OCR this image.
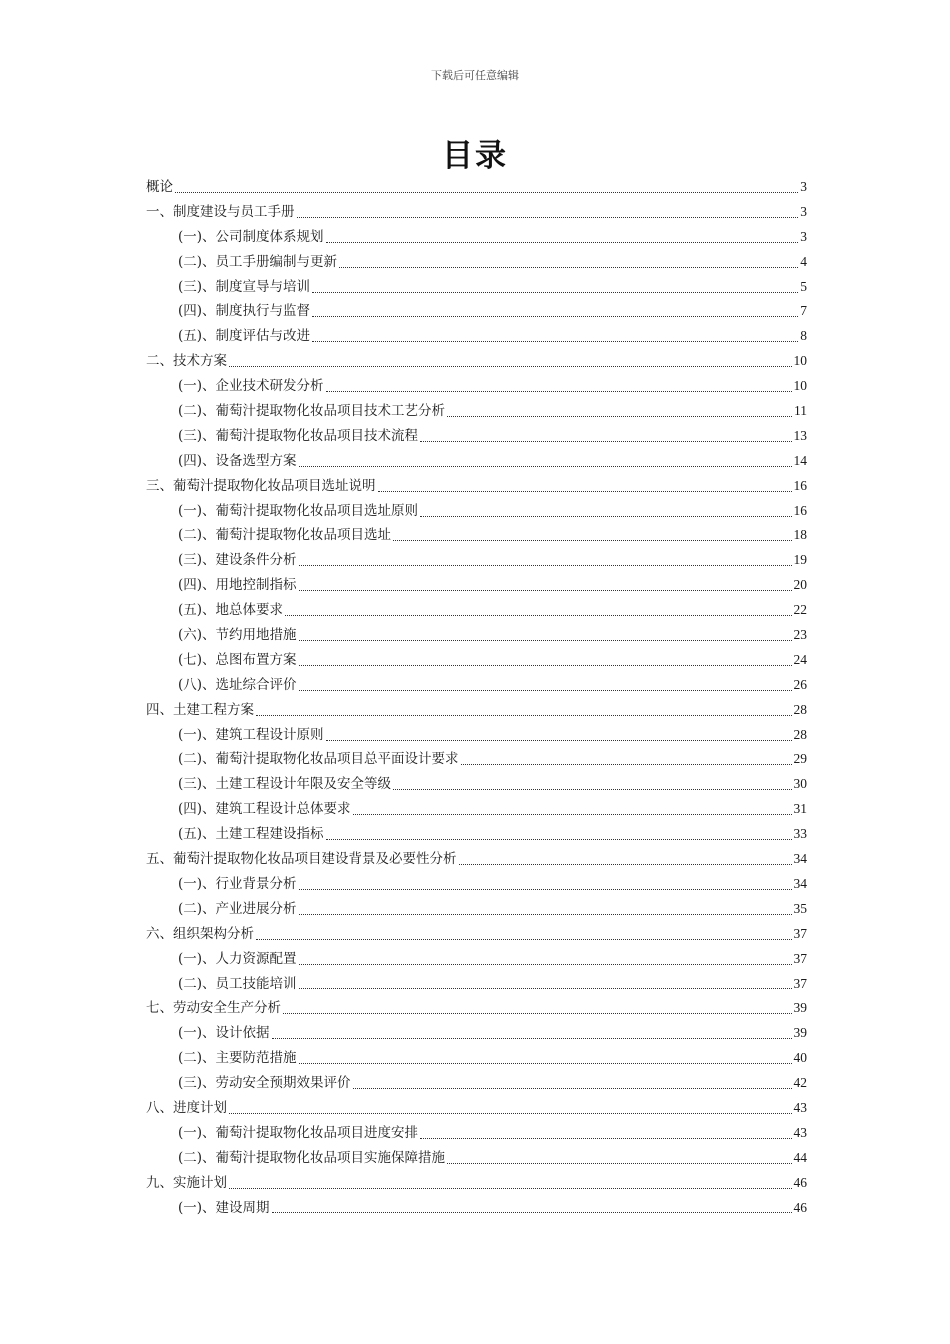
下载后可任意编辑
目录
概论	3
一、制度建设与员工手册	3
(一)、公司制度体系规划	3
(二)、员工手册编制与更新	4
(三)、制度宣导与培训	5
(四)、制度执行与监督	7
(五)、制度评估与改进	8
二、技术方案	10
(一)、企业技术研发分析	10
(二)、葡萄汁提取物化妆品项目技术工艺分析	11
(三)、葡萄汁提取物化妆品项目技术流程	13
(四)、设备选型方案	14
三、葡萄汁提取物化妆品项目选址说明	16
(一)、葡萄汁提取物化妆品项目选址原则	16
(二)、葡萄汁提取物化妆品项目选址	18
(三)、建设条件分析	19
(四)、用地控制指标	20
(五)、地总体要求	22
(六)、节约用地措施	23
(七)、总图布置方案	24
(八)、选址综合评价	26
四、土建工程方案	28
(一)、建筑工程设计原则	28
(二)、葡萄汁提取物化妆品项目总平面设计要求	29
(三)、土建工程设计年限及安全等级	30
(四)、建筑工程设计总体要求	31
(五)、土建工程建设指标	33
五、葡萄汁提取物化妆品项目建设背景及必要性分析	34
(一)、行业背景分析	34
(二)、产业进展分析	35
六、组织架构分析	37
(一)、人力资源配置	37
(二)、员工技能培训	37
七、劳动安全生产分析	39
(一)、设计依据	39
(二)、主要防范措施	40
(三)、劳动安全预期效果评价	42
八、进度计划	43
(一)、葡萄汁提取物化妆品项目进度安排	43
(二)、葡萄汁提取物化妆品项目实施保障措施	44
九、实施计划	46
(一)、建设周期	46
